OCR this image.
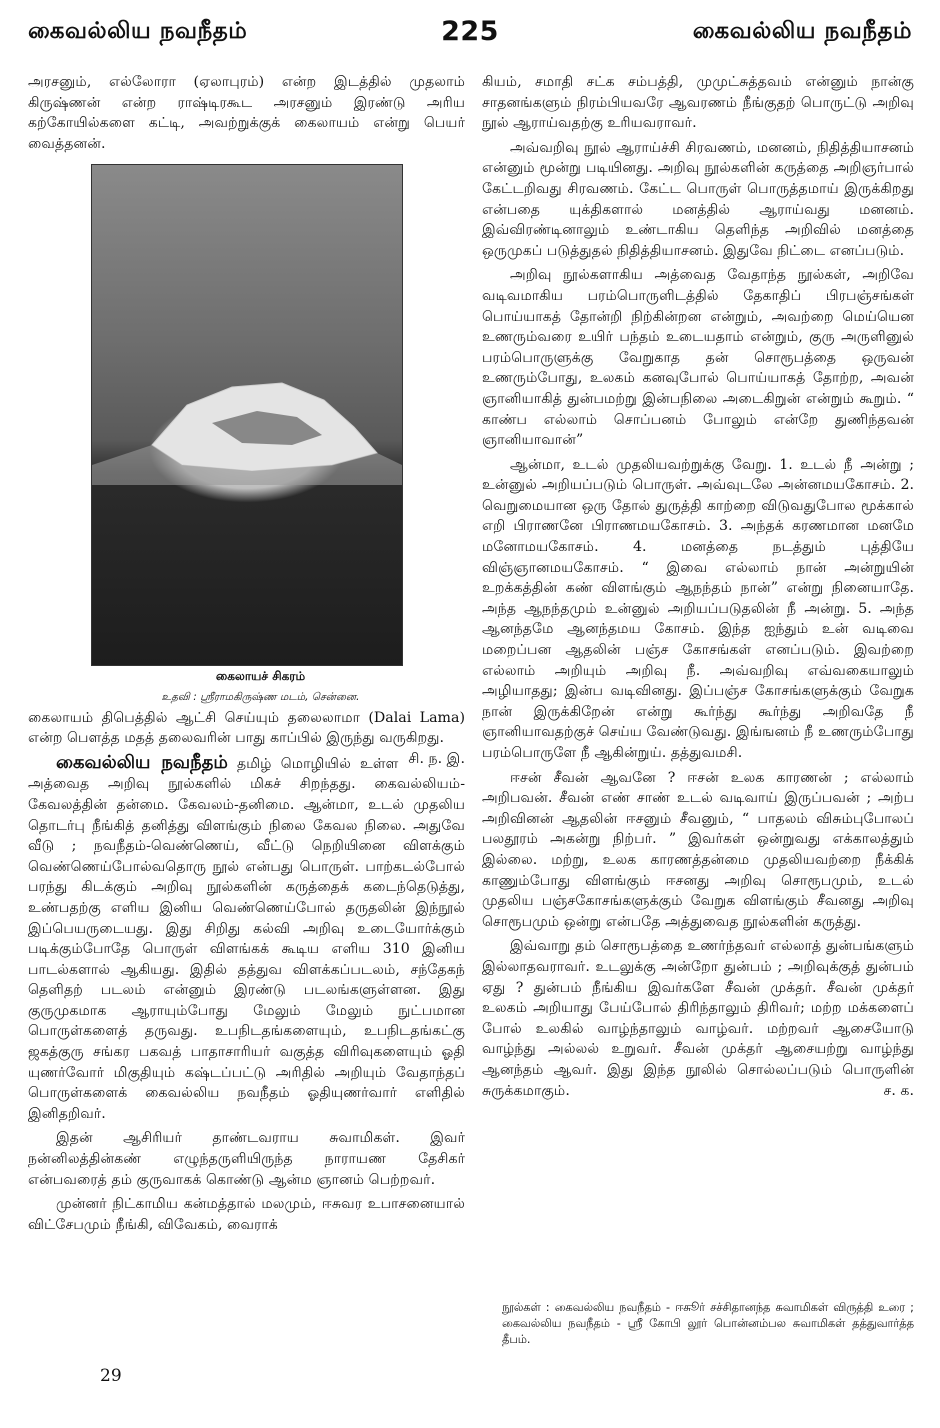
கைவல்லிய நவநீதம்	225	கைவல்லிய நவநீதம்

அரசனும், எல்லோரா (ஏலாபுரம்) என்ற இடத்தில் முதலாம் கிருஷ்ணன் என்ற ராஷ்டிரகூட அரசனும் இரண்டு அரிய கற்கோயில்களை கட்டி, அவற்றுக்குக் கைலாயம் என்று பெயர் வைத்தனன்.

கைலாயச் சிகரம்

உதவி : ஸ்ரீராமகிருஷ்ண மடம், சென்னை.

கைலாயம் திபெத்தில் ஆட்சி செய்யும் தலைலாமா (Dalai Lama) என்ற பௌத்த மதத் தலைவரின் பாது காப்பில் இருந்து வருகிறது.
சி. ந. இ.

கைவல்லிய நவநீதம் தமிழ் மொழியில் உள்ள அத்வைத அறிவு நூல்களில் மிகச் சிறந்தது. கைவல்லியம்-கேவலத்தின் தன்மை. கேவலம்-தனிமை. ஆன்மா, உடல் முதலிய தொடர்பு நீங்கித் தனித்து விளங்கும் நிலை கேவல நிலை. அதுவே வீடு ; நவநீதம்-வெண்ணெய், வீட்டு நெறியினை விளக்கும் வெண்ணெய்போல்வதொரு நூல் என்பது பொருள். பாற்கடல்போல் பரந்து கிடக்கும் அறிவு நூல்களின் கருத்தைக் கடைந்தெடுத்து, உண்பதற்கு எளிய இனிய வெண்ணெய்போல் தருதலின் இந்நூல் இப்பெயருடையது. இது சிறிது கல்வி அறிவு உடையோர்க்கும் படிக்கும்போதே பொருள் விளங்கக் கூடிய எளிய 310 இனிய பாடல்களால் ஆகியது. இதில் தத்துவ விளக்கப்படலம், சந்தேகந் தெளிதற் படலம் என்னும் இரண்டு படலங்களுள்ளன. இது குருமுகமாக ஆராயும்போது மேலும் மேலும் நுட்பமான பொருள்களைத் தருவது. உபநிடதங்களையும், உபநிடதங்கட்கு ஜகத்குரு சங்கர பகவத் பாதாசாரியர் வகுத்த விரிவுகளையும் ஓதி யுணர்வோர் மிகுதியும் கஷ்டப்பட்டு அரிதில் அறியும் வேதாந்தப் பொருள்களைக் கைவல்லிய நவநீதம் ஓதியுணர்வார் எளிதில் இனிதறிவர்.

இதன் ஆசிரியர் தாண்டவராய சுவாமிகள். இவர் நன்னிலத்தின்கண் எழுந்தருளியிருந்த நாராயண தேசிகர் என்பவரைத் தம் குருவாகக் கொண்டு ஆன்ம ஞானம் பெற்றவர்.

முன்னர் நிட்காமிய கன்மத்தால் மலமும், ஈசுவர உபாசனையால் விட்சேபமும் நீங்கி, விவேகம், வைராக்

கியம், சமாதி சட்க சம்பத்தி, முமுட்சுத்தவம் என்னும் நான்கு சாதனங்களும் நிரம்பியவரே ஆவரணம் நீங்குதற் பொருட்டு அறிவு நூல் ஆராய்வதற்கு உரியவராவர்.

அவ்வறிவு நூல் ஆராய்ச்சி சிரவணம், மனனம், நிதித்தியாசனம் என்னும் மூன்று படியினது. அறிவு நூல்களின் கருத்தை அறிஞர்பால் கேட்டறிவது சிரவணம். கேட்ட பொருள் பொருத்தமாய் இருக்கிறது என்பதை யுக்திகளால் மனத்தில் ஆராய்வது மனனம். இவ்விரண்டினாலும் உண்டாகிய தெளிந்த அறிவில் மனத்தை ஒருமுகப் படுத்துதல் நிதித்தியாசனம். இதுவே நிட்டை எனப்படும்.

அறிவு நூல்களாகிய அத்வைத வேதாந்த நூல்கள், அறிவே வடிவமாகிய பரம்பொருளிடத்தில் தேகாதிப் பிரபஞ்சங்கள் பொய்யாகத் தோன்றி நிற்கின்றன என்றும், அவற்றை மெய்யென உணரும்வரை உயிர் பந்தம் உடையதாம் என்றும், குரு அருளினுல் பரம்பொருளுக்கு வேறுகாத தன் சொரூபத்தை ஒருவன் உணரும்போது, உலகம் கனவுபோல் பொய்யாகத் தோற்ற, அவன் ஞானியாகித் துன்பமற்று இன்பநிலை அடைகிறுன் என்றும் கூறும். “ காண்ப எல்லாம் சொப்பனம் போலும் என்றே துணிந்தவன் ஞானியாவான்”

ஆன்மா, உடல் முதலியவற்றுக்கு வேறு. 1. உடல் நீ அன்று ; உன்னுல் அறியப்படும் பொருள். அவ்வுடலே அன்னமயகோசம். 2. வெறுமையான ஒரு தோல் துருத்தி காற்றை விடுவதுபோல மூக்கால் எறி பிராணனே பிராணமயகோசம். 3. அந்தக் கரணமான மனமே மனோமயகோசம். 4. மனத்தை நடத்தும் புத்தியே விஞ்ஞானமயகோசம். “ இவை எல்லாம் நான் அன்றுயின் உறக்கத்தின் கண் விளங்கும் ஆநந்தம் நான்” என்று நினையாதே. அந்த ஆநந்தமும் உன்னுல் அறியப்படுதலின் நீ அன்று. 5. அந்த ஆனந்தமே ஆனந்தமய கோசம். இந்த ஐந்தும் உன் வடிவை மறைப்பன ஆதலின் பஞ்ச கோசங்கள் எனப்படும். இவற்றை எல்லாம் அறியும் அறிவு நீ. அவ்வறிவு எவ்வகையாலும் அழியாதது; இன்ப வடிவினது. இப்பஞ்ச கோசங்களுக்கும் வேறுக நான் இருக்கிறேன் என்று கூர்ந்து கூர்ந்து அறிவதே நீ ஞானியாவதற்குச் செய்ய வேண்டுவது. இங்ஙனம் நீ உணரும்போது பரம்பொருளே நீ ஆகின்றுய். தத்துவமசி.

ஈசன் சீவன் ஆவனே ? ஈசன் உலக காரணன் ; எல்லாம் அறிபவன். சீவன் எண் சாண் உடல் வடிவாய் இருப்பவன் ; அற்ப அறிவினன் ஆதலின் ஈசனும் சீவனும், “ பாதலம் விசும்புபோலப் பலதூரம் அகன்று நிற்பர். ” இவர்கள் ஒன்றுவது எக்காலத்தும் இல்லை. மற்று, உலக காரணத்தன்மை முதலியவற்றை நீக்கிக் காணும்போது விளங்கும் ஈசனது அறிவு சொரூபமும், உடல் முதலிய பஞ்சகோசங்களுக்கும் வேறுக விளங்கும் சீவனது அறிவு சொரூபமும் ஒன்று என்பதே அத்துவைத நூல்களின் கருத்து.

இவ்வாறு தம் சொரூபத்தை உணர்ந்தவர் எல்லாத் துன்பங்களும் இல்லாதவராவர். உடலுக்கு அன்றோ துன்பம் ; அறிவுக்குத் துன்பம் ஏது ? துன்பம் நீங்கிய இவர்களே சீவன் முக்தர். சீவன் முக்தர் உலகம் அறியாது பேய்போல் திரிந்தாலும் திரிவர்; மற்ற மக்களைப் போல் உலகில் வாழ்ந்தாலும் வாழ்வர். மற்றவர் ஆசையோடு வாழ்ந்து அல்லல் உறுவர். சீவன் முக்தர் ஆசையற்று வாழ்ந்து ஆனந்தம் ஆவர். இது இந்த நூலில் சொல்லப்படும் பொருளின் சுருக்கமாகும்.	ச. க.

நூல்கள் : கைவல்லிய நவநீதம் - ஈசுூர் சச்சிதானந்த சுவாமிகள் விருத்தி உரை ; கைவல்லிய நவநீதம் - ஸ்ரீ கோபி லூர் பொன்னம்பல சுவாமிகள் தத்துவார்த்த தீபம்.
29
